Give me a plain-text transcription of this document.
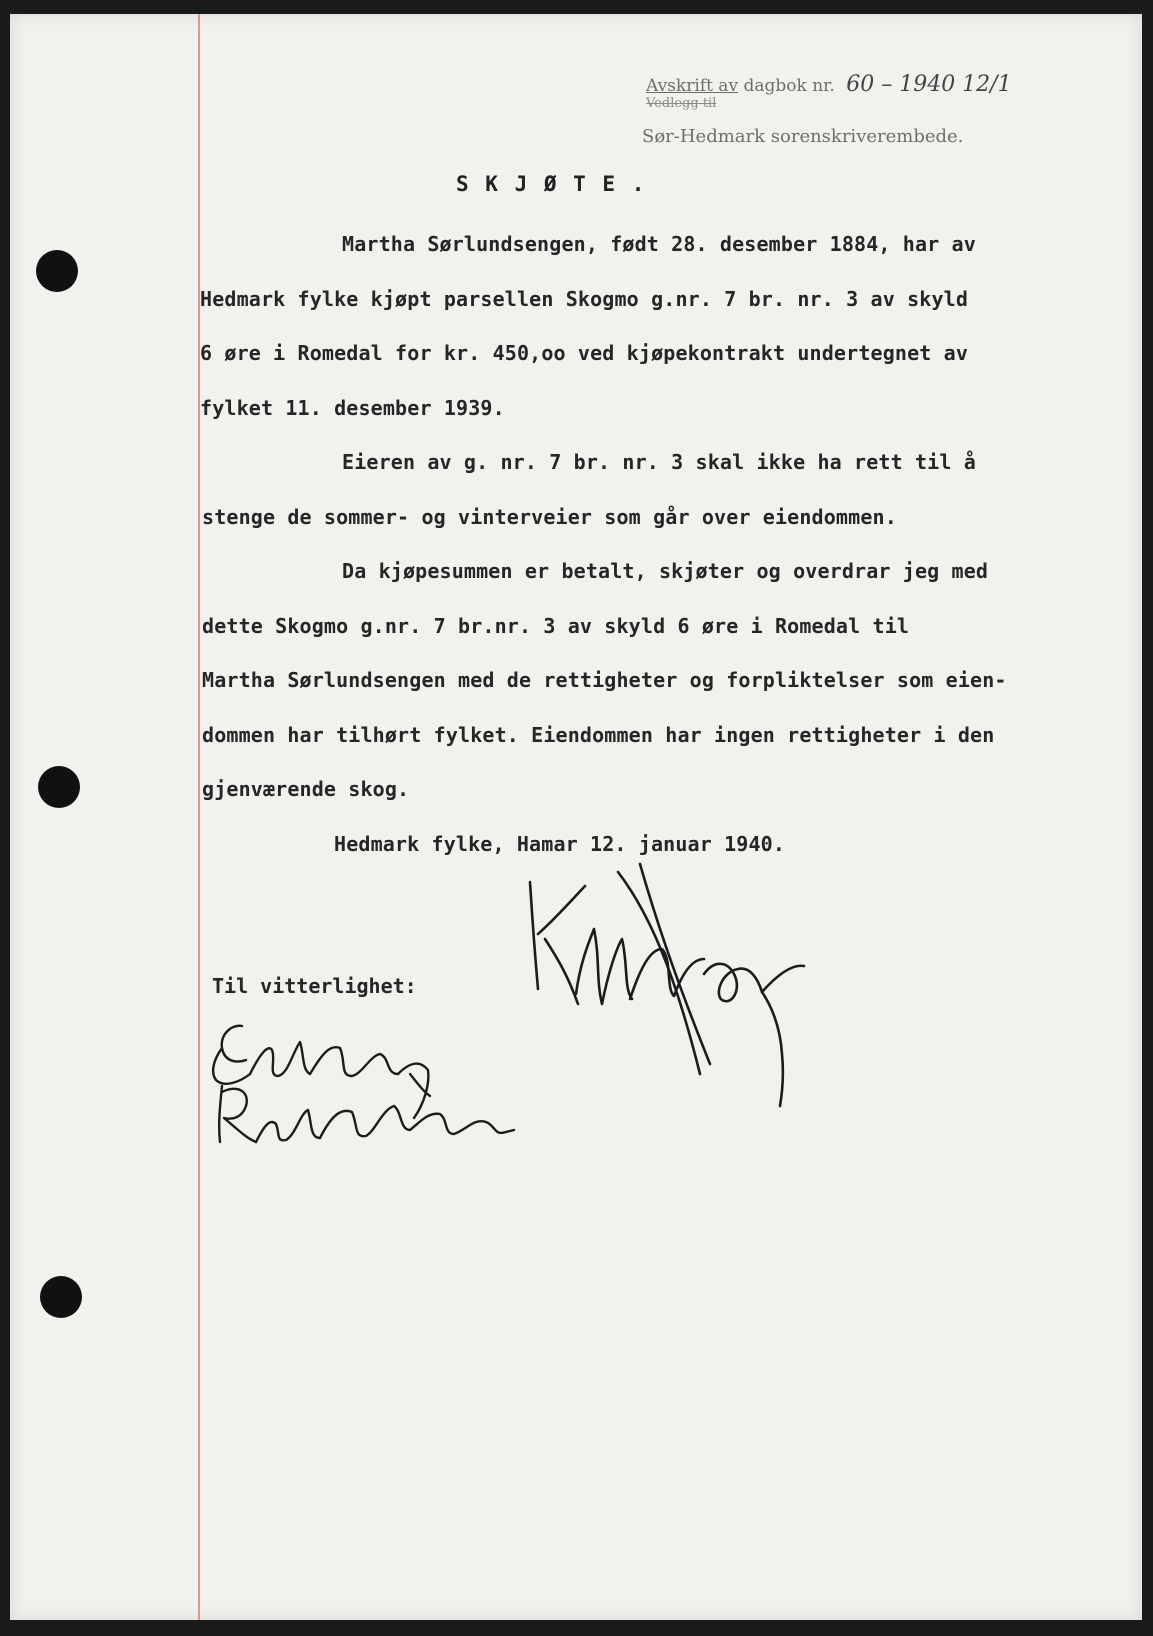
Avskrift av dagbok nr. 60 – 1940 12/1
Vedlegg til
Sør-Hedmark sorenskriverembede.
S K J Ø T E .
Martha Sørlundsengen, født 28. desember 1884, har av
Hedmark fylke kjøpt parsellen Skogmo g.nr. 7 br. nr. 3 av skyld
6 øre i Romedal for kr. 450,oo ved kjøpekontrakt undertegnet av
fylket 11. desember 1939.
Eieren av g. nr. 7 br. nr. 3 skal ikke ha rett til å
stenge de sommer- og vinterveier som går over eiendommen.
Da kjøpesummen er betalt, skjøter og overdrar jeg med
dette Skogmo g.nr. 7 br.nr. 3 av skyld 6 øre i Romedal til
Martha Sørlundsengen med de rettigheter og forpliktelser som eien-
dommen har tilhørt fylket. Eiendommen har ingen rettigheter i den
gjenværende skog.
Hedmark fylke, Hamar 12. januar 1940.
Til vitterlighet:
